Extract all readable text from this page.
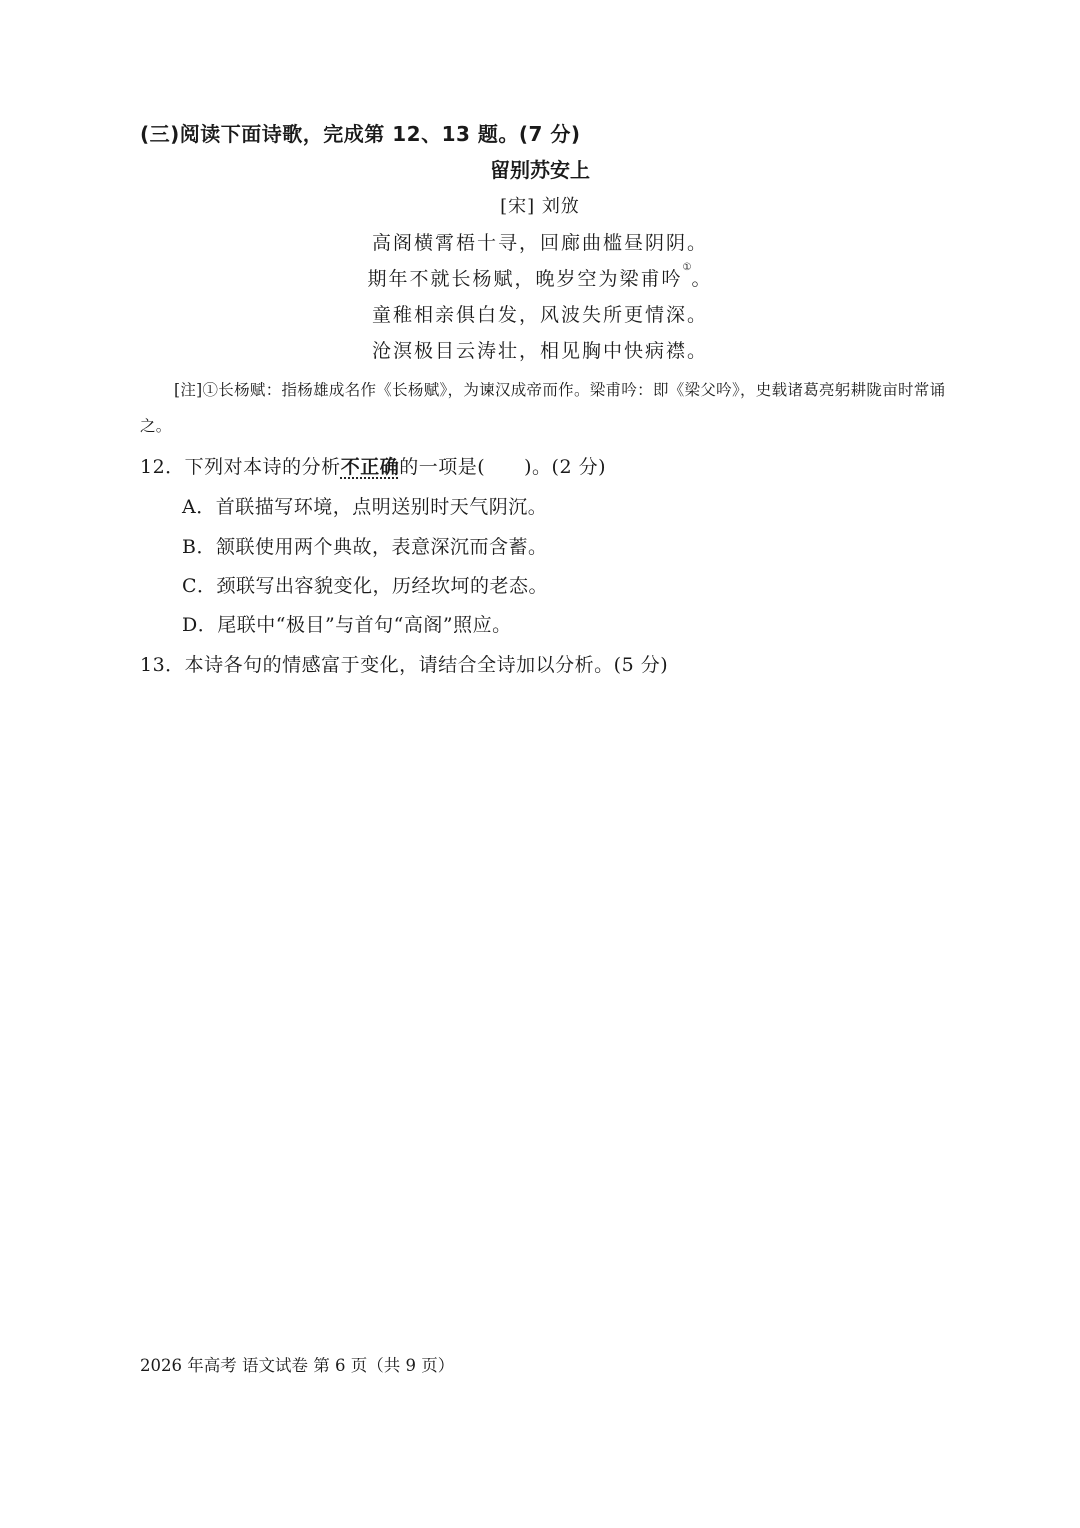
(三)阅读下面诗歌，完成第 12、13 题。(7 分)
留别苏安上
[宋] 刘攽
高阁横霄梧十寻，回廊曲槛昼阴阴。
期年不就长杨赋，晚岁空为梁甫吟①。
童稚相亲俱白发，风波失所更情深。
沧溟极目云涛壮，相见胸中快病襟。
[注]①长杨赋：指杨雄成名作《长杨赋》，为谏汉成帝而作。梁甫吟：即《梁父吟》，史载诸葛亮躬耕陇亩时常诵之。
12．下列对本诗的分析不正确的一项是(　　)。(2 分)
A．首联描写环境，点明送别时天气阴沉。
B．颔联使用两个典故，表意深沉而含蓄。
C．颈联写出容貌变化，历经坎坷的老态。
D．尾联中“极目”与首句“高阁”照应。
13．本诗各句的情感富于变化，请结合全诗加以分析。(5 分)
2026 年高考 语文试卷 第 6 页（共 9 页）
